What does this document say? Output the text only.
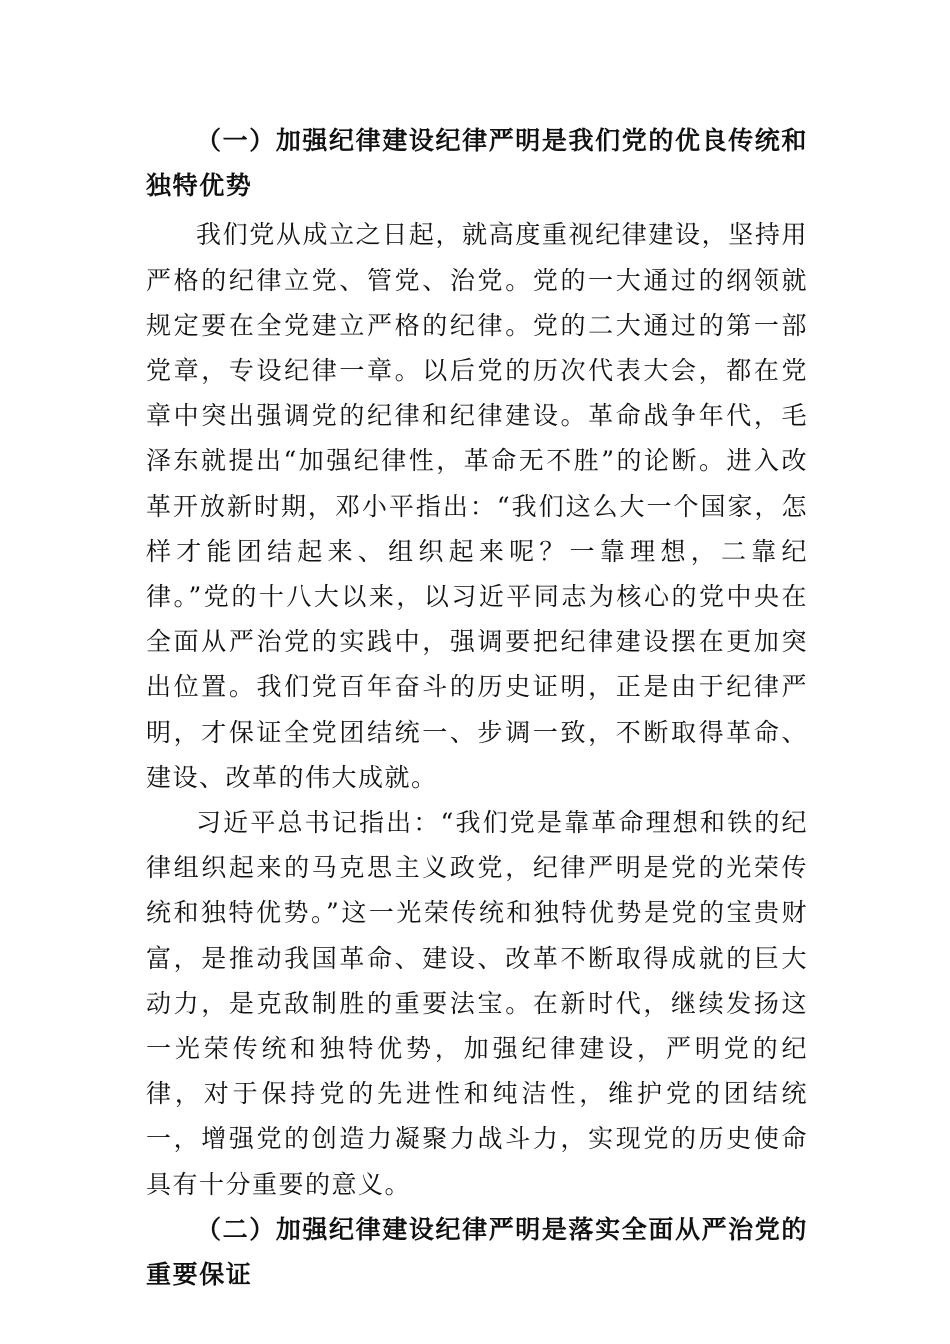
（一）加强纪律建设纪律严明是我们党的优良传统和独特优势

我们党从成立之日起，就高度重视纪律建设，坚持用严格的纪律立党、管党、治党。党的一大通过的纲领就规定要在全党建立严格的纪律。党的二大通过的第一部党章，专设纪律一章。以后党的历次代表大会，都在党章中突出强调党的纪律和纪律建设。革命战争年代，毛泽东就提出“加强纪律性，革命无不胜”的论断。进入改革开放新时期，邓小平指出：“我们这么大一个国家，怎样才能团结起来、组织起来呢？一靠理想，二靠纪律。”党的十八大以来，以习近平同志为核心的党中央在全面从严治党的实践中，强调要把纪律建设摆在更加突出位置。我们党百年奋斗的历史证明，正是由于纪律严明，才保证全党团结统一、步调一致，不断取得革命、建设、改革的伟大成就。

习近平总书记指出：“我们党是靠革命理想和铁的纪律组织起来的马克思主义政党，纪律严明是党的光荣传统和独特优势。”这一光荣传统和独特优势是党的宝贵财富，是推动我国革命、建设、改革不断取得成就的巨大动力，是克敌制胜的重要法宝。在新时代，继续发扬这一光荣传统和独特优势，加强纪律建设，严明党的纪律，对于保持党的先进性和纯洁性，维护党的团结统一，增强党的创造力凝聚力战斗力，实现党的历史使命具有十分重要的意义。

（二）加强纪律建设纪律严明是落实全面从严治党的重要保证
